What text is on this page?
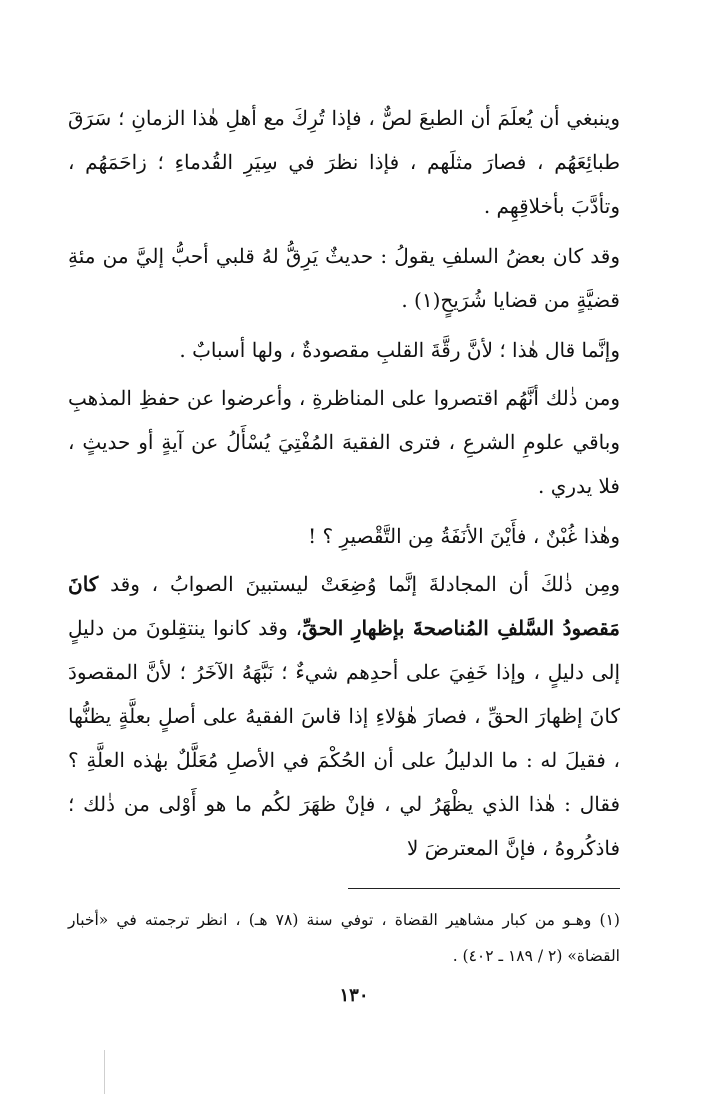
وينبغي أن يُعلَمَ أن الطبعَ لصٌّ ، فإذا تُرِكَ مع أهلِ هٰذا الزمانِ ؛ سَرَقَ طبائِعَهُم ، فصارَ مثلَهم ، فإذا نظرَ في سِيَرِ القُدماءِ ؛ زاحَمَهُم ، وتأدَّبَ بأخلاقِهِم .

وقد كان بعضُ السلفِ يقولُ : حديثٌ يَرِقُّ لهُ قلبي أحبُّ إليَّ من مئةِ قضيَّةٍ من قضايا شُرَيحٍ(١) .

وإنَّما قال هٰذا ؛ لأنَّ رقَّةَ القلبِ مقصودةٌ ، ولها أسبابٌ .

ومن ذٰلك أنَّهُم اقتصروا على المناظرةِ ، وأعرضوا عن حفظِ المذهبِ وباقي علومِ الشرعِ ، فترى الفقيهَ المُفْتِيَ يُسْأَلُ عن آيةٍ أو حديثٍ ، فلا يدري .

وهٰذا غُبْنٌ ، فأَيْنَ الأنَفَةُ مِن التَّقْصيرِ ؟ !

ومِن ذٰلكَ أن المجادلةَ إنَّما وُضِعَتْ ليستبينَ الصوابُ ، وقد كانَ مَقصودُ السَّلفِ المُناصحةَ بإظهارِ الحقِّ، وقد كانوا ينتقِلونَ من دليلٍ إلى دليلٍ ، وإذا خَفِيَ على أحدِهم شيءٌ ؛ نَبَّهَهُ الآخَرُ ؛ لأنَّ المقصودَ كانَ إظهارَ الحقِّ ، فصارَ هٰؤلاءِ إذا قاسَ الفقيهُ على أصلٍ بعلَّةٍ يظنُّها ، فقيلَ له : ما الدليلُ على أن الحُكْمَ في الأصلِ مُعَلَّلٌ بهٰذه العلَّةِ ؟ فقال : هٰذا الذي يظْهَرُ لي ، فإنْ ظهَرَ لكُم ما هو أَوْلى من ذٰلك ؛ فاذكُروهُ ، فإنَّ المعترضَ لا

(١) وهـو من كبار مشاهير القضاة ، توفي سنة (٧٨ هـ) ، انظر ترجمته في «أخبار القضاة» (٢ / ١٨٩ ـ ٤٠٢) .
١٣٠
